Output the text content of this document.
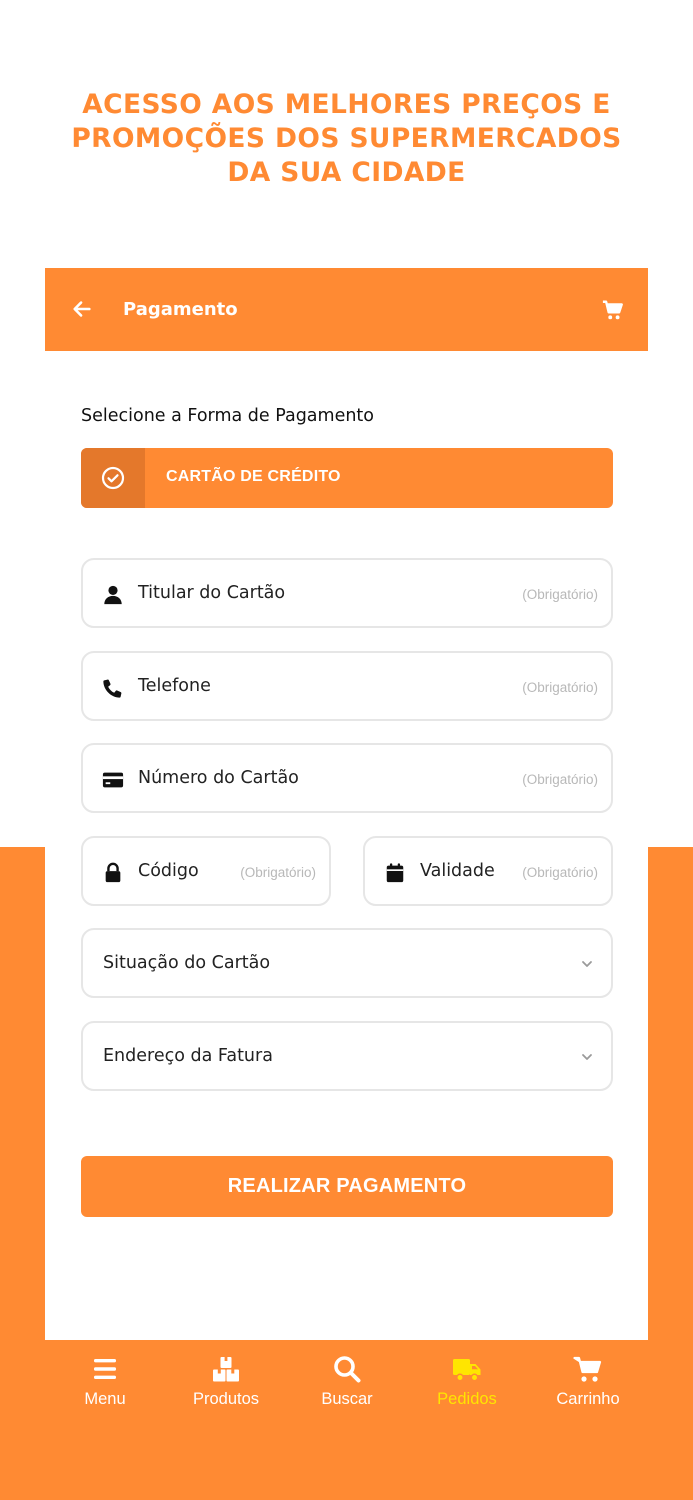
ACESSO AOS MELHORES PREÇOS E
PROMOÇÕES DOS SUPERMERCADOS
DA SUA CIDADE
Pagamento
Selecione a Forma de Pagamento
CARTÃO DE CRÉDITO
Titular do Cartão	(Obrigatório)
Telefone	(Obrigatório)
Número do Cartão	(Obrigatório)
Código	(Obrigatório)	Validade (Obrigatório)
Situação do Cartão
Endereço da Fatura
REALIZAR PAGAMENTO
Menu	Produtos	Buscar	Pedidos	Carrinho
